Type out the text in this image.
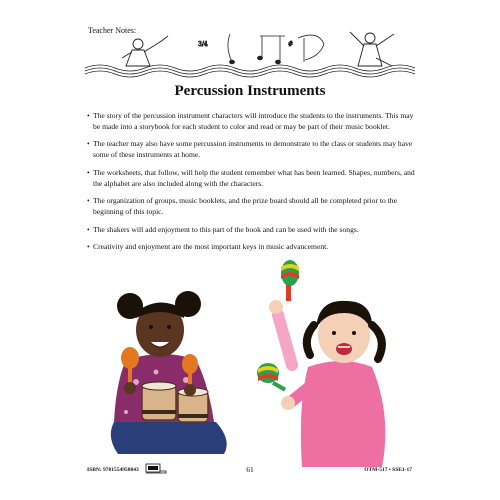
3/4	#
Teacher Notes:
Percussion Instruments
• The story of the percussion instrument characters will introduce the students to the instruments. This may be made into a storybook for each student to color and read or may be part of their music booklet.
• The teacher may also have some percussion instruments to demonstrate to the class or students may have some of these instruments at home.
• The worksheets, that follow, will help the student remember what has been learned. Shapes, numbers, and the alphabet are also included along with the characters.
• The organization of groups, music booklets, and the prize board should all be completed prior to the beginning of this topic.
• The shakers will add enjoyment to this part of the book and can be used with the songs.
• Creativity and enjoyment are the most important keys in music advancement.
ISBN: 9781554950843	61	OTM-517 • SSE1-17
